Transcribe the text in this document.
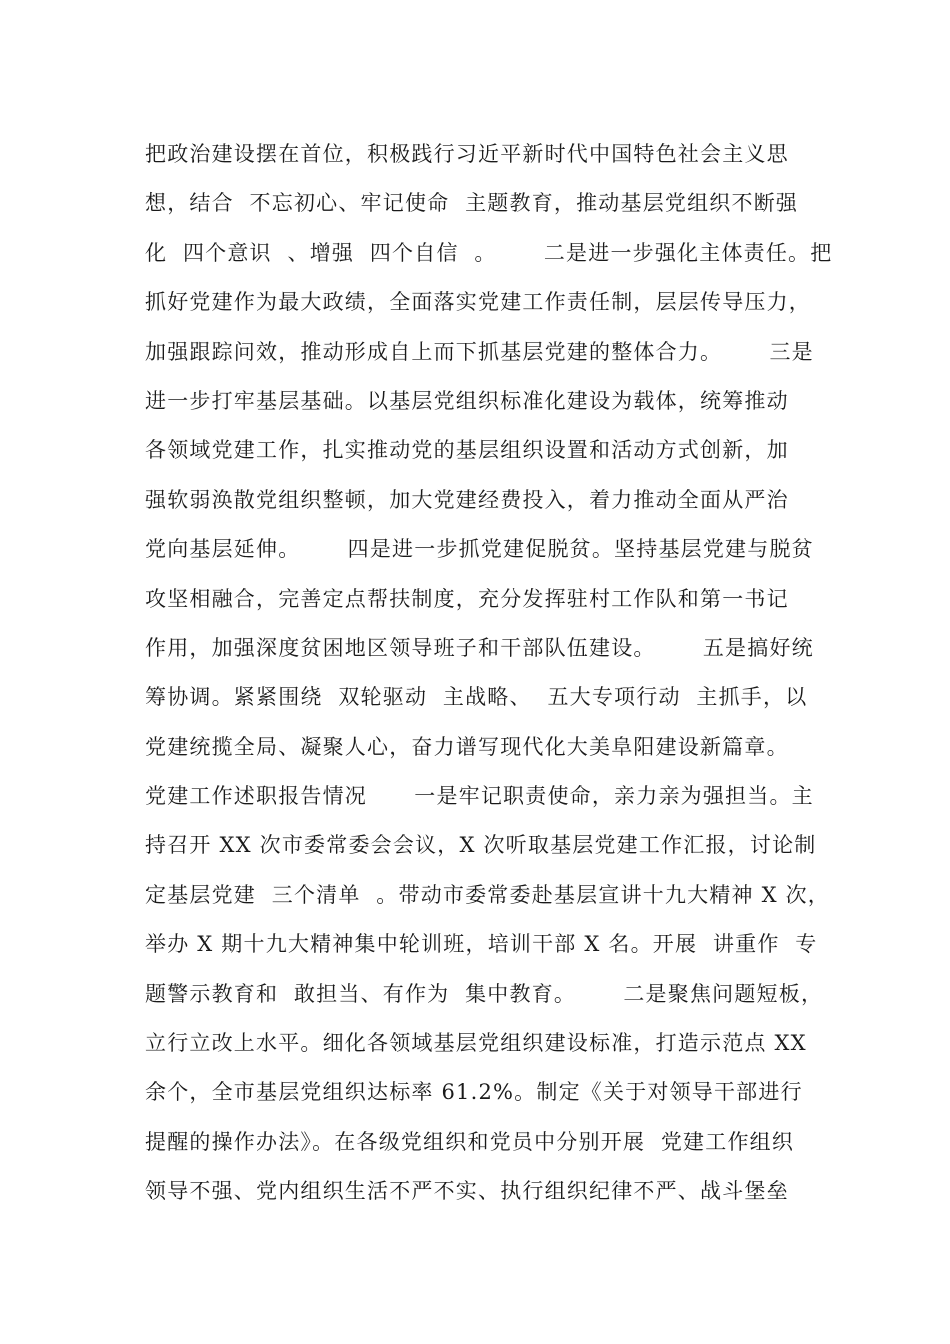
把政治建设摆在首位，积极践行习近平新时代中国特色社会主义思
想，结合  不忘初心、牢记使命  主题教育，推动基层党组织不断强
化  四个意识  、增强  四个自信  。      二是进一步强化主体责任。把
抓好党建作为最大政绩，全面落实党建工作责任制，层层传导压力，
加强跟踪问效，推动形成自上而下抓基层党建的整体合力。      三是
进一步打牢基层基础。以基层党组织标准化建设为载体，统筹推动
各领域党建工作，扎实推动党的基层组织设置和活动方式创新，加
强软弱涣散党组织整顿，加大党建经费投入，着力推动全面从严治
党向基层延伸。      四是进一步抓党建促脱贫。坚持基层党建与脱贫
攻坚相融合，完善定点帮扶制度，充分发挥驻村工作队和第一书记
作用，加强深度贫困地区领导班子和干部队伍建设。      五是搞好统
筹协调。紧紧围绕  双轮驱动  主战略、  五大专项行动  主抓手，以
党建统揽全局、凝聚人心，奋力谱写现代化大美阜阳建设新篇章。
党建工作述职报告情况      一是牢记职责使命，亲力亲为强担当。主
持召开 XX 次市委常委会会议，X 次听取基层党建工作汇报，讨论制
定基层党建  三个清单  。带动市委常委赴基层宣讲十九大精神 X 次，
举办 X 期十九大精神集中轮训班，培训干部 X 名。开展  讲重作  专
题警示教育和  敢担当、有作为  集中教育。      二是聚焦问题短板，
立行立改上水平。细化各领域基层党组织建设标准，打造示范点 XX
余个，全市基层党组织达标率 61.2%。制定《关于对领导干部进行
提醒的操作办法》。在各级党组织和党员中分别开展  党建工作组织
领导不强、党内组织生活不严不实、执行组织纪律不严、战斗堡垒
